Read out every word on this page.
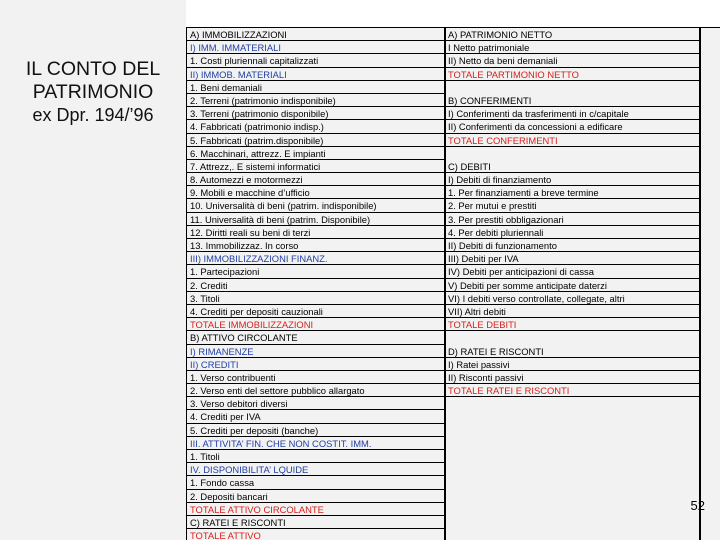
IL CONTO DEL
PATRIMONIO
ex Dpr. 194/’96
A) IMMOBILIZZAZIONI
I) IMM. IMMATERIALI
1. Costi pluriennali capitalizzati
II) IMMOB. MATERIALI
1. Beni demaniali
2. Terreni (patrimonio indisponibile)
3. Terreni (patrimonio disponibile)
4. Fabbricati (patrimonio indisp.)
5. Fabbricati (patrim.disponibile)
6. Macchinari, attrezz. E impianti
7. Attrezz,. E sistemi informatici
8. Automezzi e motormezzi
9. Mobili e macchine d’ufficio
10. Universalità di beni (patrim. indisponibile)
11. Universalità di beni (patrim. Disponibile)
12. Diritti reali su beni di terzi
13. Immobilizzaz. In corso
III) IMMOBILIZZAZIONI FINANZ.
1. Partecipazioni
2. Crediti
3. Titoli
4. Crediti per depositi cauzionali
TOTALE IMMOBILIZZAZIONI
B) ATTIVO CIRCOLANTE
I) RIMANENZE
II) CREDITI
1. Verso contribuenti
2. Verso enti del settore pubblico allargato
3. Verso debitori diversi
4. Crediti per IVA
5. Crediti per depositi (banche)
III. ATTIVITA’ FIN. CHE NON COSTIT. IMM.
1. Titoli
IV. DISPONIBILITA’ LQUIDE
1. Fondo cassa
2. Depositi bancari
TOTALE ATTIVO CIRCOLANTE
C) RATEI E RISCONTI
TOTALE ATTIVO
A) PATRIMONIO NETTO
I Netto patrimoniale
II) Netto da beni demaniali
TOTALE PARTIMONIO NETTO
B) CONFERIMENTI
I) Conferimenti da trasferimenti in c/capitale
II) Conferimenti da concessioni a edificare
TOTALE CONFERIMENTI
C) DEBITI
I) Debiti di finanziamento
1. Per finanziamenti a breve termine
2. Per mutui e prestiti
3. Per prestiti obbligazionari
4. Per debiti pluriennali
II) Debiti di funzionamento
III) Debiti per IVA
IV) Debiti per anticipazioni di cassa
V) Debiti per somme anticipate daterzi
VI) I debiti verso controllate, collegate, altri
VII) Altri debiti
TOTALE DEBITI
D) RATEI E RISCONTI
I) Ratei passivi
II) Risconti passivi
TOTALE RATEI E RISCONTI
52
